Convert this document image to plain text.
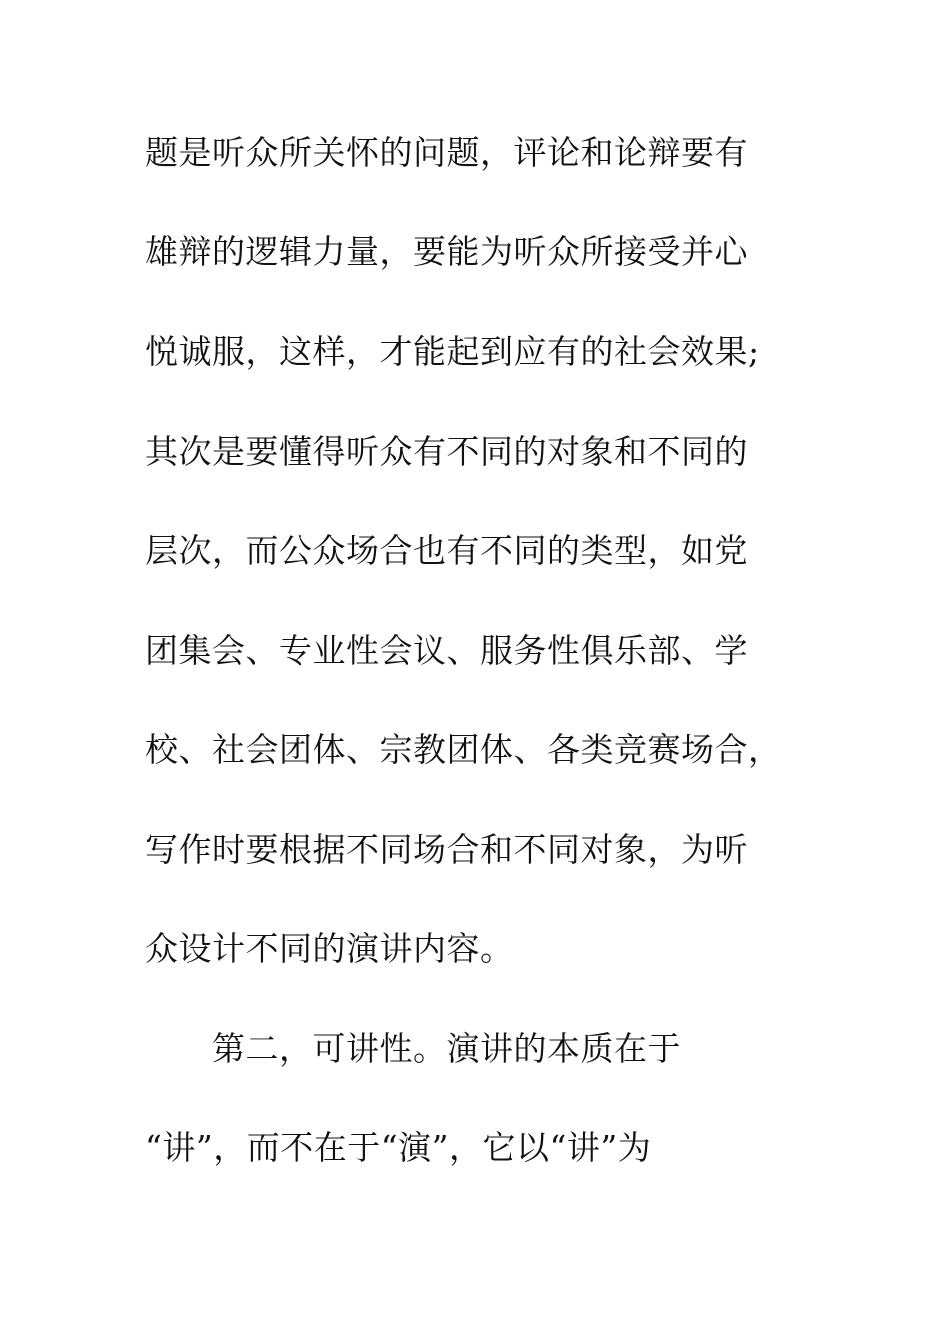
题是听众所关怀的问题，评论和论辩要有
雄辩的逻辑力量，要能为听众所接受并心
悦诚服，这样，才能起到应有的社会效果;
其次是要懂得听众有不同的对象和不同的
层次，而公众场合也有不同的类型，如党
团集会、专业性会议、服务性俱乐部、学
校、社会团体、宗教团体、各类竞赛场合，
写作时要根据不同场合和不同对象，为听
众设计不同的演讲内容。
第二，可讲性。演讲的本质在于
“讲”，而不在于“演”，它以“讲”为
